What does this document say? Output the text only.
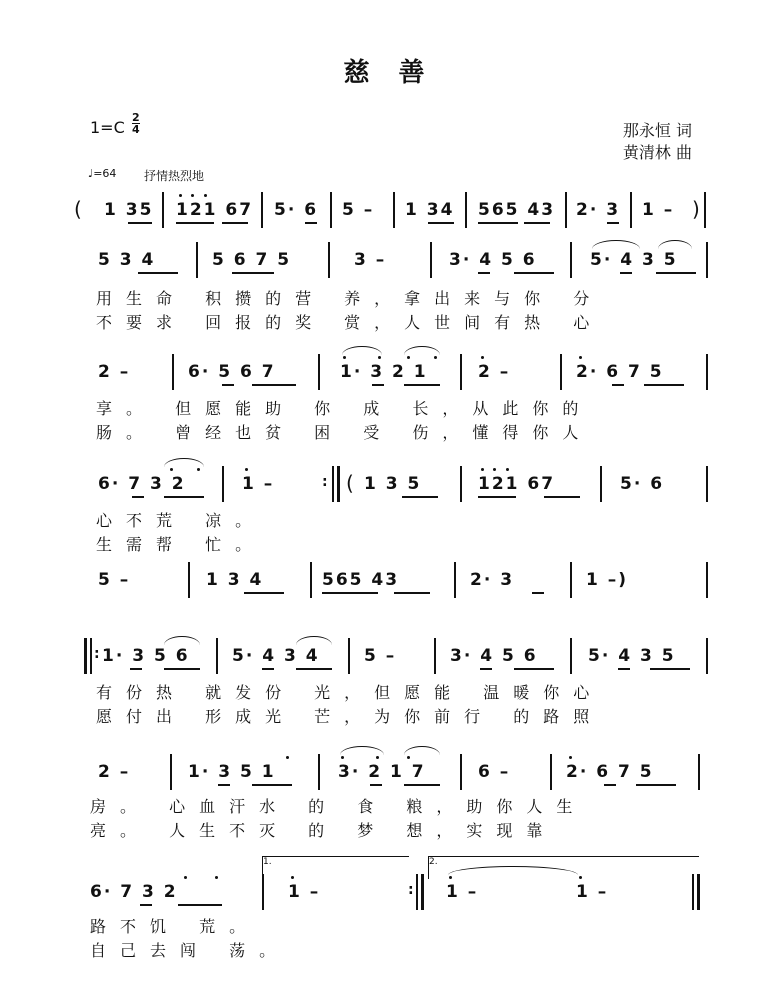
慈 善
1=C
2
4	那永恒 词
黄清林 曲
♩=64 抒情热烈地
( 1 35 121 67 5· 6 5 – 1 34 565 43 2· 3 1 – )
5 3 4	5 6 7 5	3 –	3· 4 5 6	5· 4 3 5
用生命 积攒的营 养，拿出来与你 分
不要求 回报的奖 赏，人世间有热 心
2 –	6· 5 6 7	1· 3 2 1	2 –	2· 6 7 5
享。 但愿能助 你 成 长，从此你的
肠。 曾经也贫 困 受 伤，懂得你人
6· 7 3 2	1 –	: ( 1 3 5	121 67	5· 6
心不荒 凉。
生需帮 忙。
5 –	1 3 4	565 43	2· 3	1 –)
: 1· 3 5 6 5· 4 3 4	5 –	3· 4 5 6	5· 4 3 5
有份热 就发份 光，但愿能 温暖你心
愿付出 形成光 芒，为你前行 的路照
2 –	1· 3 5 1	3· 2 1 7	6 –	2· 6 7 5
房。 心血汗水 的 食 粮，助你人生
亮。 人生不灭 的 梦 想，实现靠
1.	2.
6· 7 3 2	1 –	: 1 –	1 –
路不饥 荒。
自己去闯 荡。
